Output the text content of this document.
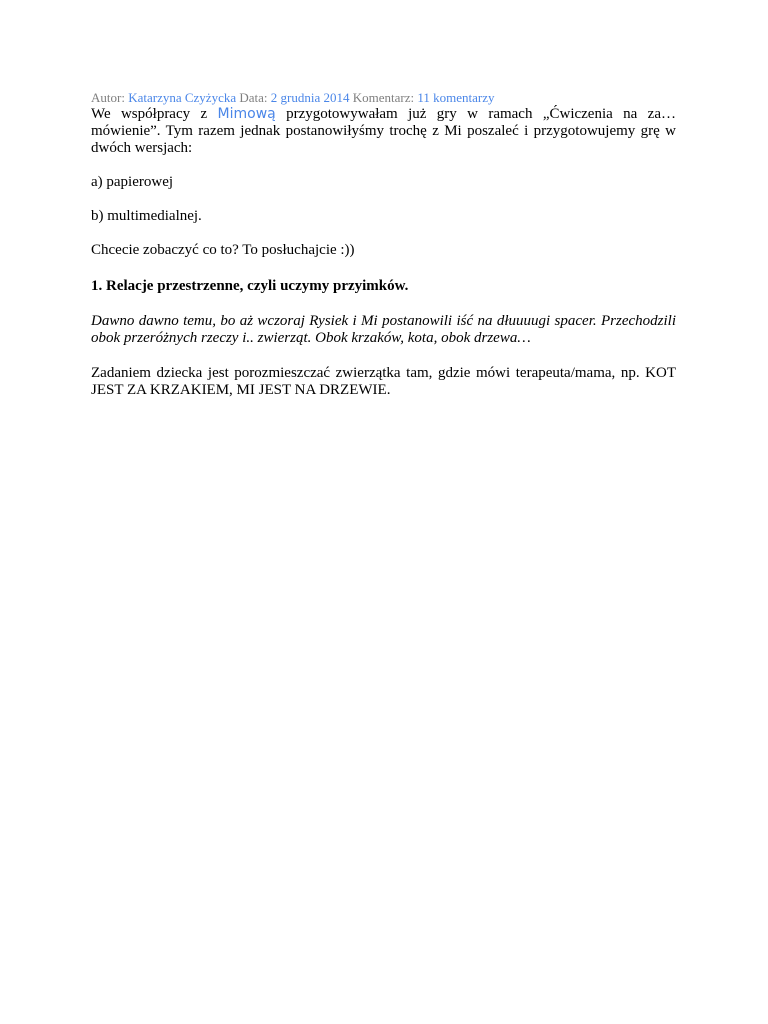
Autor: Katarzyna Czyżycka Data: 2 grudnia 2014 Komentarz: 11 komentarzy

We współpracy z Mimową przygotowywałam już gry w ramach „Ćwiczenia na za… mówienie”. Tym razem jednak postanowiłyśmy trochę z Mi poszaleć i przygotowujemy grę w dwóch wersjach:

a) papierowej

b) multimedialnej.

Chcecie zobaczyć co to? To posłuchajcie :))

1. Relacje przestrzenne, czyli uczymy przyimków.

Dawno dawno temu, bo aż wczoraj Rysiek i Mi postanowili iść na dłuuuugi spacer. Przechodzili obok przeróżnych rzeczy i.. zwierząt. Obok krzaków, kota, obok drzewa…

Zadaniem dziecka jest porozmieszczać zwierzątka tam, gdzie mówi terapeuta/mama, np. KOT JEST ZA KRZAKIEM, MI JEST NA DRZEWIE.
